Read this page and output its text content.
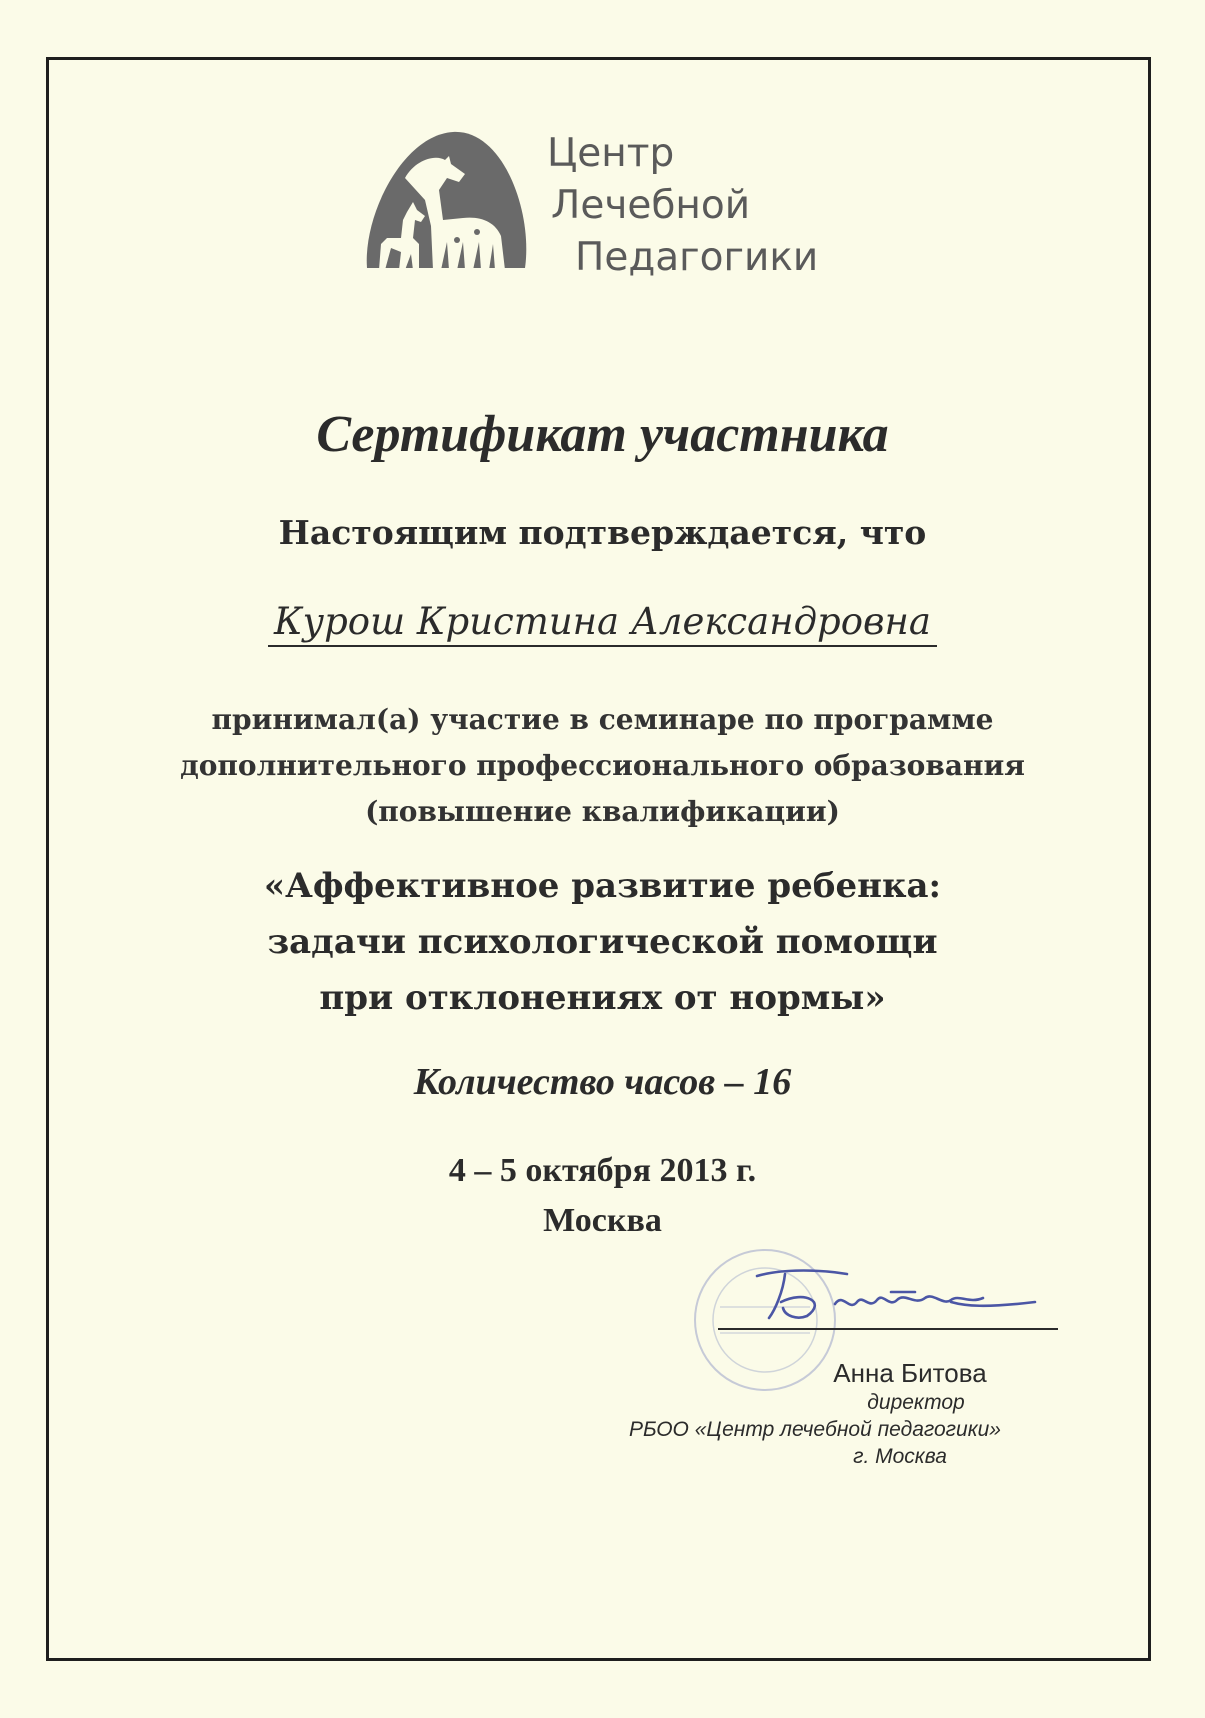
Центр
Лечебной
Педагогики
Сертификат участника
Настоящим подтверждается, что
Курош Кристина Александровна
принимал(а) участие в семинаре по программе
дополнительного профессионального образования
(повышение квалификации)
«Аффективное развитие ребенка:
задачи психологической помощи
при отклонениях от нормы»
Количество часов – 16
4 – 5 октября 2013 г.
Москва
Анна Битова
директор
РБОО «Центр лечебной педагогики»
г. Москва
